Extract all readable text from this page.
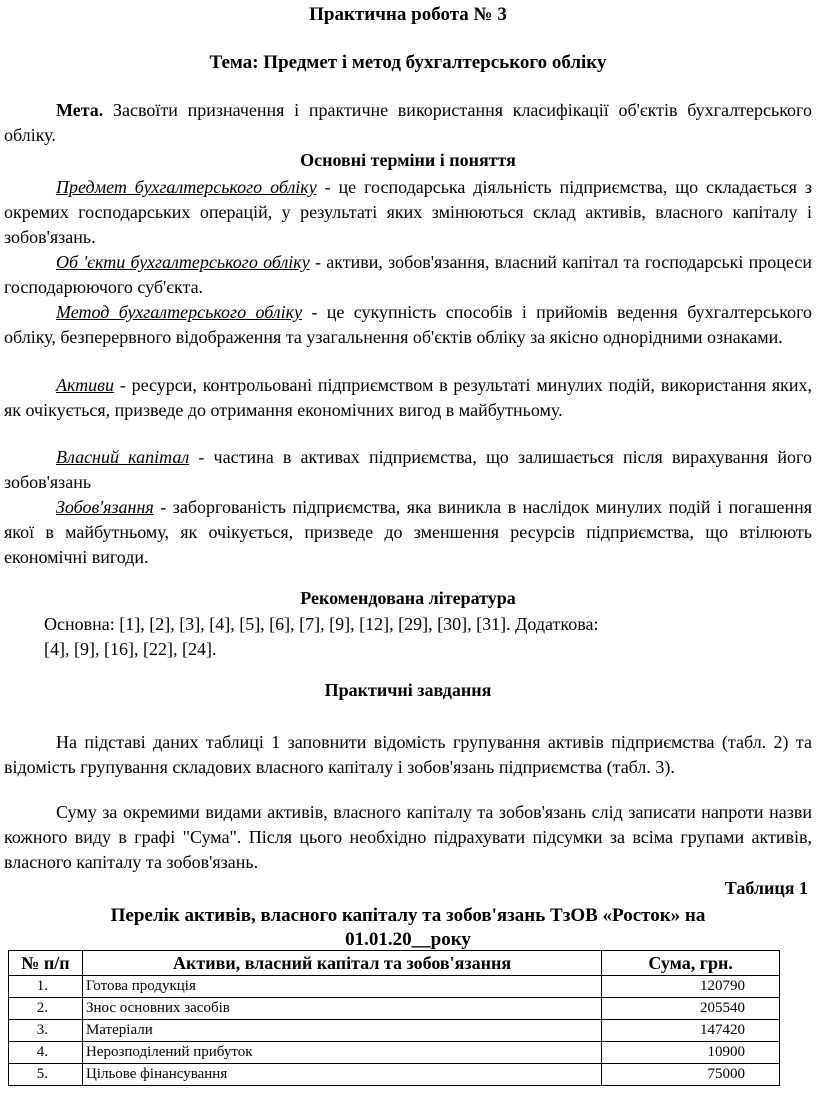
Практична робота № 3
Тема: Предмет і метод бухгалтерського обліку
Мета. Засвоїти призначення і практичне використання класифікації об'єктів бухгалтерського обліку.
Основні терміни і поняття
Предмет бухгалтерського обліку - це господарська діяльність підприємства, що складається з окремих господарських операцій, у результаті яких змінюються склад активів, власного капіталу і зобов'язань.
Об 'єкти бухгалтерського обліку - активи, зобов'язання, власний капітал та господарські процеси господарюючого суб'єкта.
Метод бухгалтерського обліку - це сукупність способів і прийомів ведення бухгалтерського обліку, безперервного відображення та узагальнення об'єктів обліку за якісно однорідними ознаками.
Активи - ресурси, контрольовані підприємством в результаті минулих подій, використання яких, як очікується, призведе до отримання економічних вигод в майбутньому.
Власний капітал - частина в активах підприємства, що залишається після вирахування його зобов'язань
Зобов'язання - заборгованість підприємства, яка виникла в наслідок минулих подій і погашення якої в майбутньому, як очікується, призведе до зменшення ресурсів підприємства, що втілюють економічні вигоди.
Рекомендована література
Основна: [1], [2], [3], [4], [5], [6], [7], [9], [12], [29], [30], [31]. Додаткова:
[4], [9], [16], [22], [24].
Практичні завдання
На підставі даних таблиці 1 заповнити відомість групування активів підприємства (табл. 2) та відомість групування складових власного капіталу і зобов'язань підприємства (табл. 3).
Суму за окремими видами активів, власного капіталу та зобов'язань слід записати напроти назви кожного виду в графі "Сума". Після цього необхідно підрахувати підсумки за всіма групами активів, власного капіталу та зобов'язань.
Таблиця 1
Перелік активів, власного капіталу та зобов'язань ТзОВ «Росток» на
01.01.20__року
№ п/п	Активи, власний капітал та зобов'язання	Сума, грн.
1.	Готова продукція	120790
2.	Знос основних засобів	205540
3.	Матеріали	147420
4.	Нерозподілений прибуток	10900
5.	Цільове фінансування	75000
